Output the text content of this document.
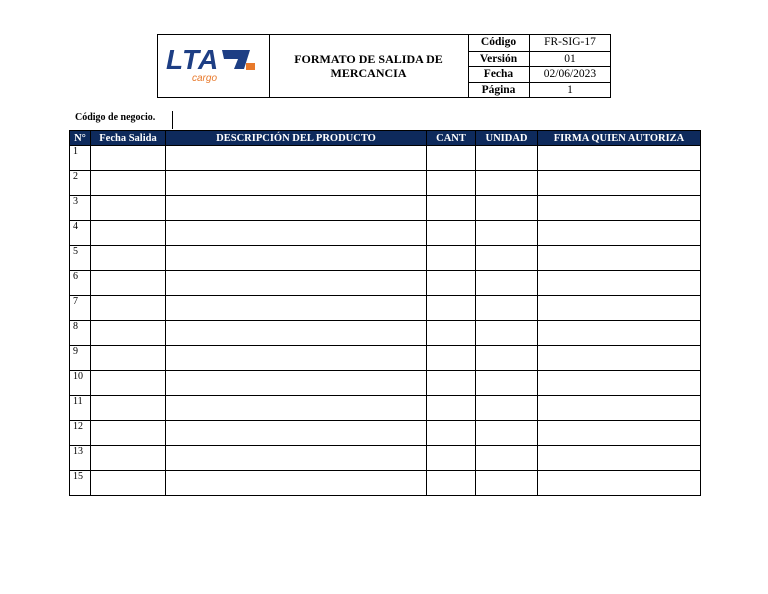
LTA
cargo
FORMATO DE SALIDA DE MERCANCIA
Código	FR-SIG-17
Versión	01
Fecha	02/06/2023
Página	1
Código de negocio.
N°	Fecha Salida	DESCRIPCIÓN DEL PRODUCTO	CANT	UNIDAD	FIRMA QUIEN AUTORIZA
1					
2					
3					
4					
5					
6					
7					
8					
9					
10					
11					
12					
13					
15					
